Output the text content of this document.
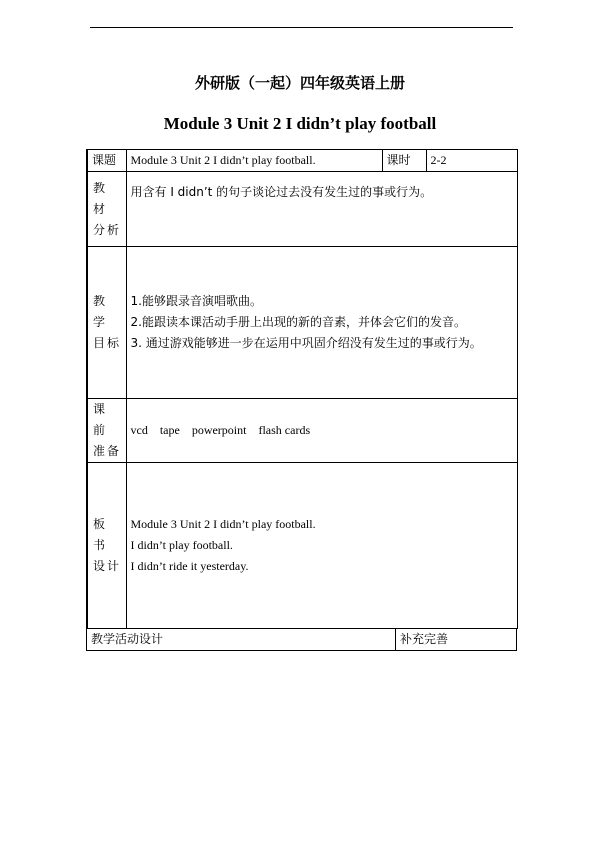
外研版（一起）四年级英语上册
Module 3 Unit 2 I didn’t play football
课题	Module 3 Unit 2 I didn’t play football.	课时	2-2

教 材
分析	用含有 I didn’t 的句子谈论过去没有发生过的事或行为。		

教 学
目标	1.能够跟录音演唱歌曲。
2.能跟读本课活动手册上出现的新的音素，并体会它们的发音。
3. 通过游戏能够进一步在运用中巩固介绍没有发生过的事或行为。		

课 前
准备	vcd    tape    powerpoint    flash cards		

板 书
设计	Module 3 Unit 2 I didn’t play football.
I didn’t play football.
I didn’t ride it yesterday.		
教学活动设计	补充完善
